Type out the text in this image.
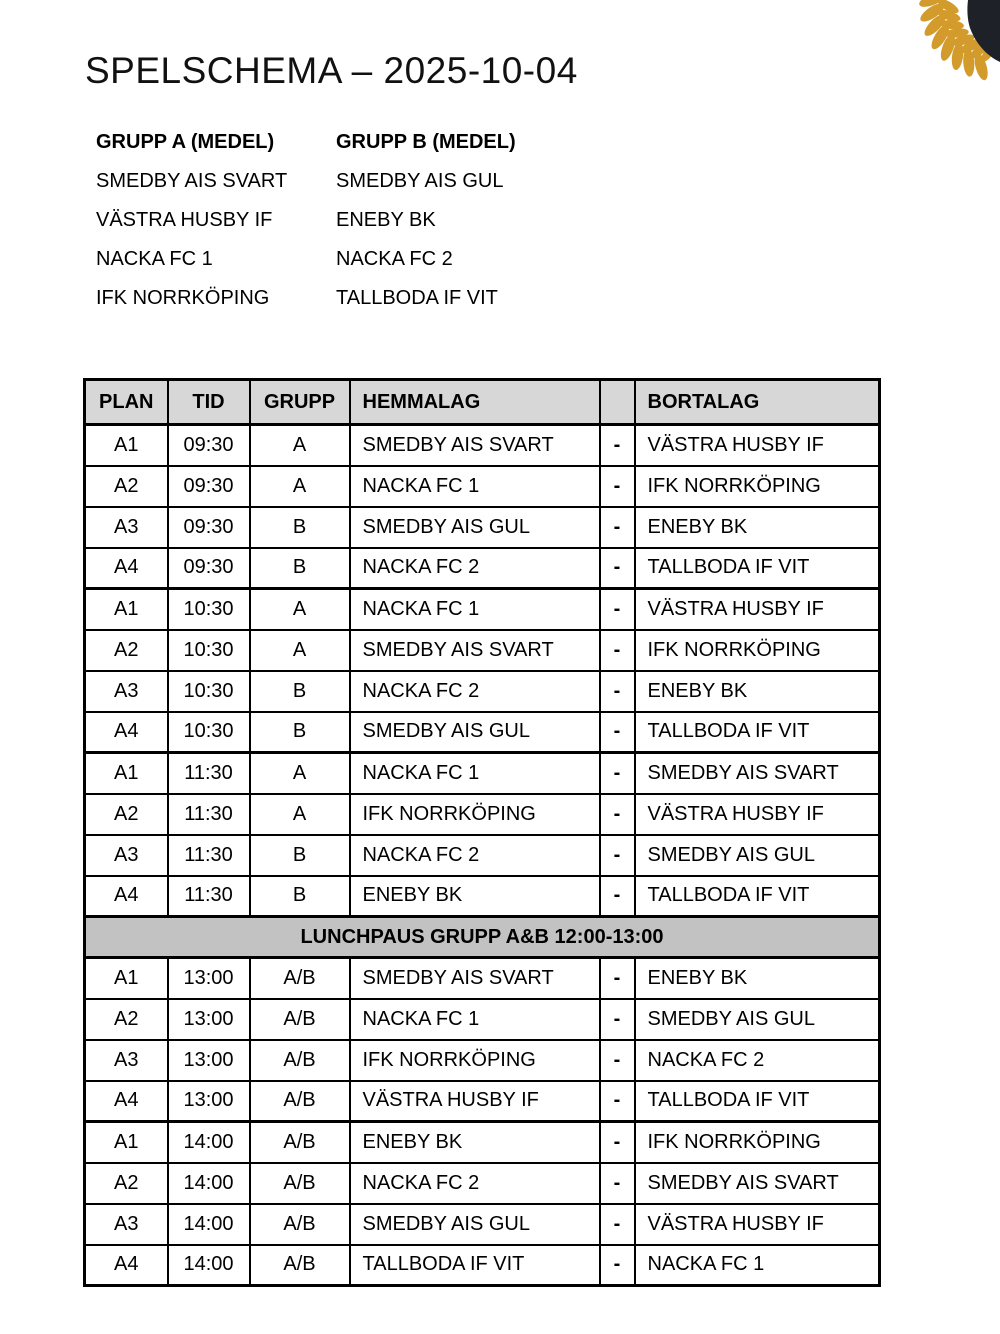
SPELSCHEMA – 2025-10-04
GRUPP A (MEDEL)
SMEDBY AIS SVART
VÄSTRA HUSBY IF
NACKA FC 1
IFK NORRKÖPING
GRUPP B (MEDEL)
SMEDBY AIS GUL
ENEBY BK
NACKA FC 2
TALLBODA IF VIT
PLAN	TID	GRUPP	HEMMALAG		BORTALAG
A1	09:30	A	SMEDBY AIS SVART	-	VÄSTRA HUSBY IF
A2	09:30	A	NACKA FC 1	-	IFK NORRKÖPING
A3	09:30	B	SMEDBY AIS GUL	-	ENEBY BK
A4	09:30	B	NACKA FC 2	-	TALLBODA IF VIT
A1	10:30	A	NACKA FC 1	-	VÄSTRA HUSBY IF
A2	10:30	A	SMEDBY AIS SVART	-	IFK NORRKÖPING
A3	10:30	B	NACKA FC 2	-	ENEBY BK
A4	10:30	B	SMEDBY AIS GUL	-	TALLBODA IF VIT
A1	11:30	A	NACKA FC 1	-	SMEDBY AIS SVART
A2	11:30	A	IFK NORRKÖPING	-	VÄSTRA HUSBY IF
A3	11:30	B	NACKA FC 2	-	SMEDBY AIS GUL
A4	11:30	B	ENEBY BK	-	TALLBODA IF VIT
LUNCHPAUS GRUPP A&B 12:00-13:00					
A1	13:00	A/B	SMEDBY AIS SVART	-	ENEBY BK
A2	13:00	A/B	NACKA FC 1	-	SMEDBY AIS GUL
A3	13:00	A/B	IFK NORRKÖPING	-	NACKA FC 2
A4	13:00	A/B	VÄSTRA HUSBY IF	-	TALLBODA IF VIT
A1	14:00	A/B	ENEBY BK	-	IFK NORRKÖPING
A2	14:00	A/B	NACKA FC 2	-	SMEDBY AIS SVART
A3	14:00	A/B	SMEDBY AIS GUL	-	VÄSTRA HUSBY IF
A4	14:00	A/B	TALLBODA IF VIT	-	NACKA FC 1
